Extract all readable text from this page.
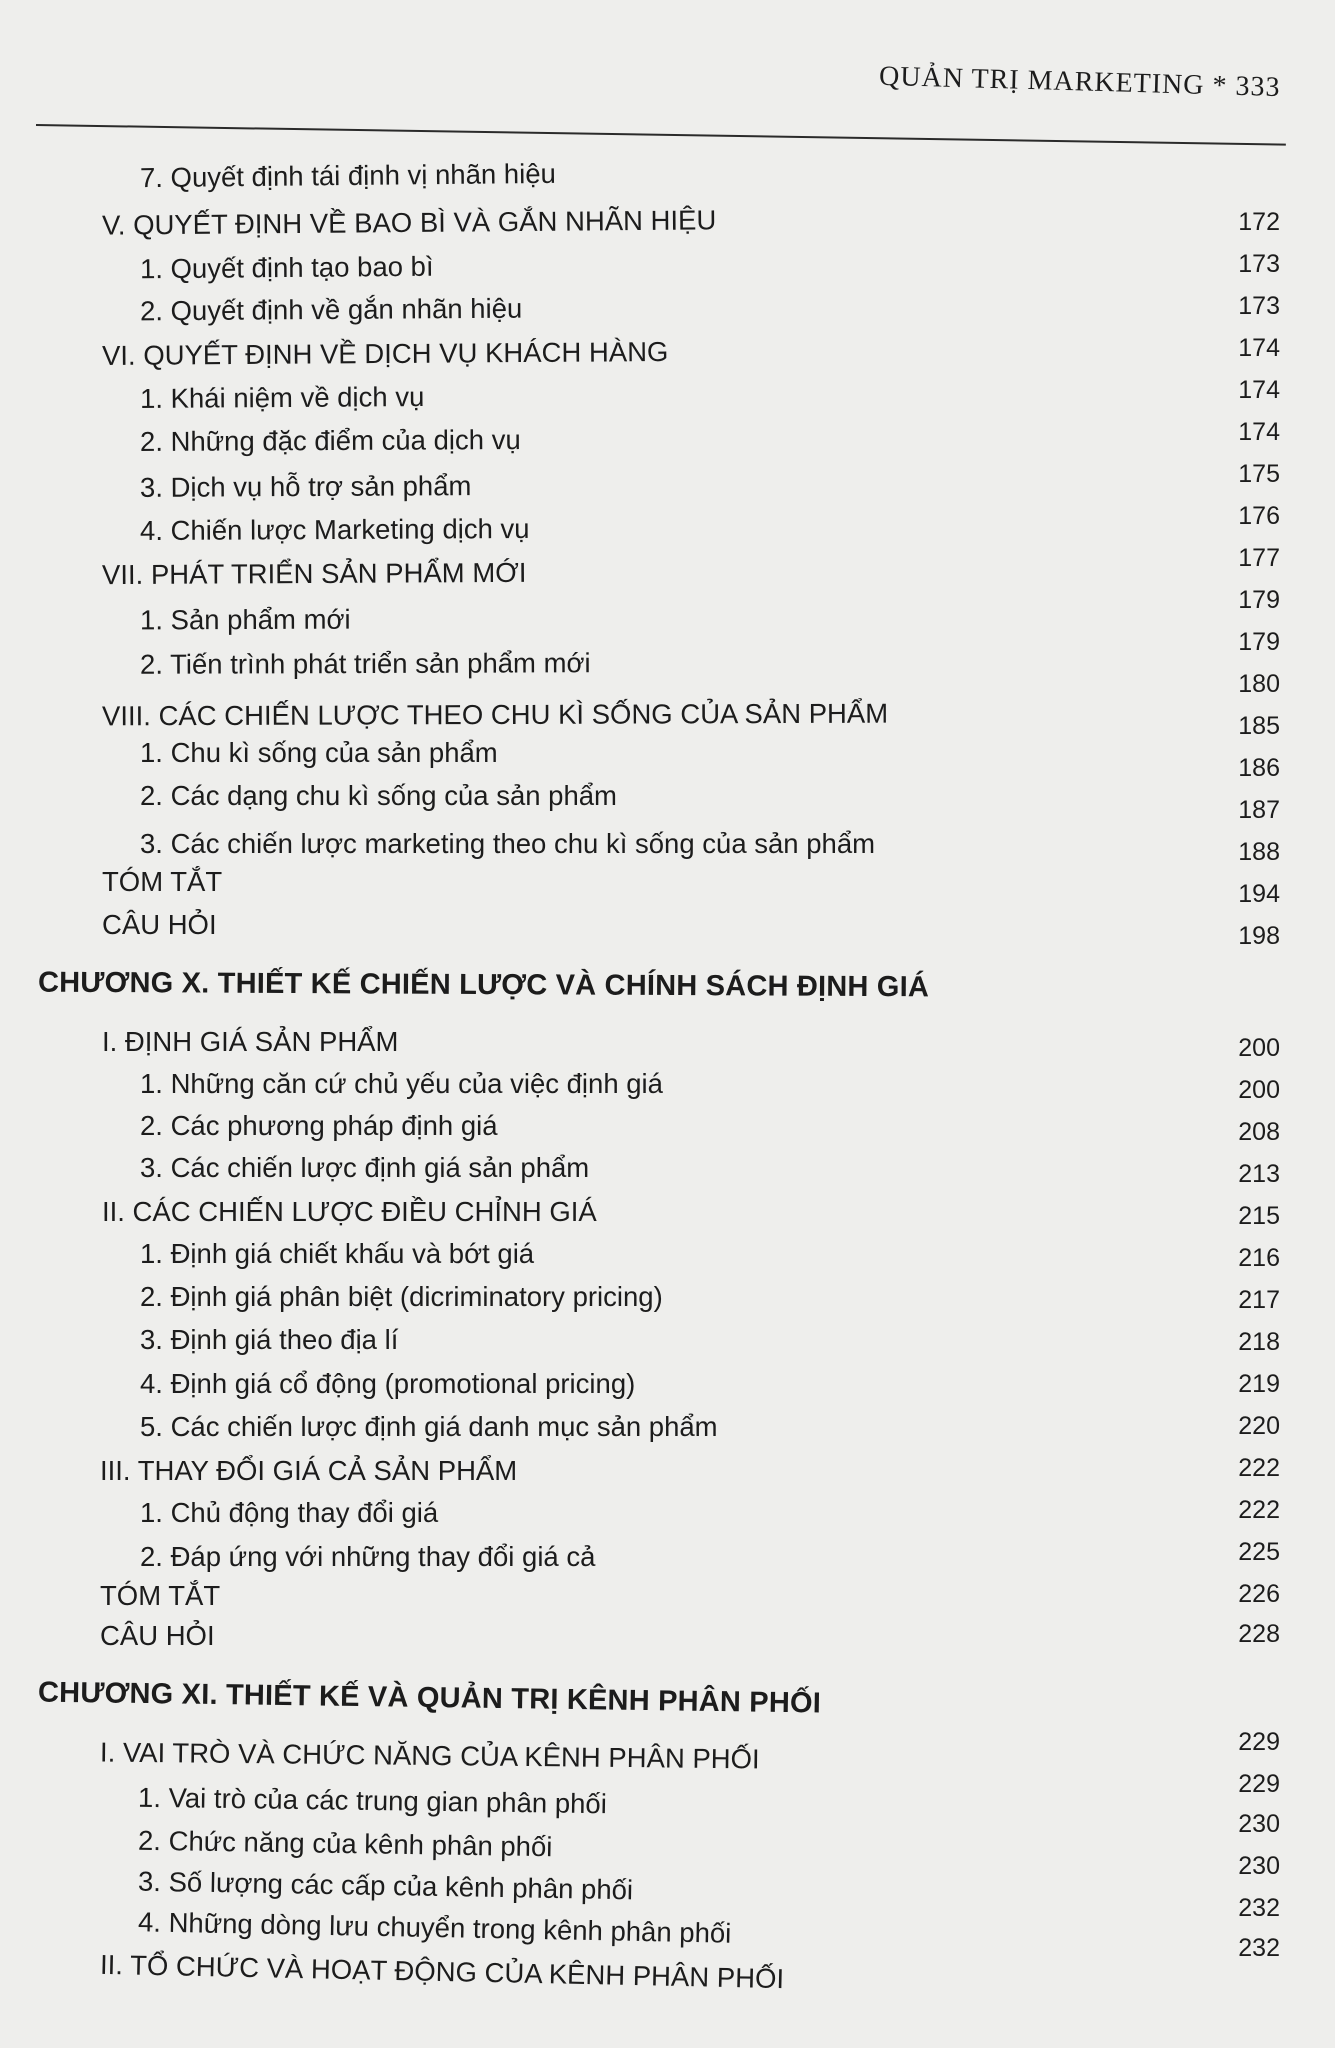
QUẢN TRỊ MARKETING * 333
7. Quyết định tái định vị nhãn hiệu
V. QUYẾT ĐỊNH VỀ BAO BÌ VÀ GẮN NHÃN HIỆU
1. Quyết định tạo bao bì
2. Quyết định về gắn nhãn hiệu
VI. QUYẾT ĐỊNH VỀ DỊCH VỤ KHÁCH HÀNG
1. Khái niệm về dịch vụ
2. Những đặc điểm của dịch vụ
3. Dịch vụ hỗ trợ sản phẩm
4. Chiến lược Marketing dịch vụ
VII. PHÁT TRIỂN SẢN PHẨM MỚI
1. Sản phẩm mới
2. Tiến trình phát triển sản phẩm mới
VIII. CÁC CHIẾN LƯỢC THEO CHU KÌ SỐNG CỦA SẢN PHẨM
1. Chu kì sống của sản phẩm
2. Các dạng chu kì sống của sản phẩm
3. Các chiến lược marketing theo chu kì sống của sản phẩm
TÓM TẮT
CÂU HỎI
CHƯƠNG X. THIẾT KẾ CHIẾN LƯỢC VÀ CHÍNH SÁCH ĐỊNH GIÁ
I. ĐỊNH GIÁ SẢN PHẨM
1. Những căn cứ chủ yếu của việc định giá
2. Các phương pháp định giá
3. Các chiến lược định giá sản phẩm
II. CÁC CHIẾN LƯỢC ĐIỀU CHỈNH GIÁ
1. Định giá chiết khấu và bớt giá
2. Định giá phân biệt (dicriminatory pricing)
3. Định giá theo địa lí
4. Định giá cổ động (promotional pricing)
5. Các chiến lược định giá danh mục sản phẩm
III. THAY ĐỔI GIÁ CẢ SẢN PHẨM
1. Chủ động thay đổi giá
2. Đáp ứng với những thay đổi giá cả
TÓM TẮT
CÂU HỎI
CHƯƠNG XI. THIẾT KẾ VÀ QUẢN TRỊ KÊNH PHÂN PHỐI
I. VAI TRÒ VÀ CHỨC NĂNG CỦA KÊNH PHÂN PHỐI
1. Vai trò của các trung gian phân phối
2. Chức năng của kênh phân phối
3. Số lượng các cấp của kênh phân phối
4. Những dòng lưu chuyển trong kênh phân phối
II. TỔ CHỨC VÀ HOẠT ĐỘNG CỦA KÊNH PHÂN PHỐI
172
173
173
174
174
174
175
176
177
179
179
180
185
186
187
188
194
198
200
200
208
213
215
216
217
218
219
220
222
222
225
226
228
229
229
230
230
232
232
